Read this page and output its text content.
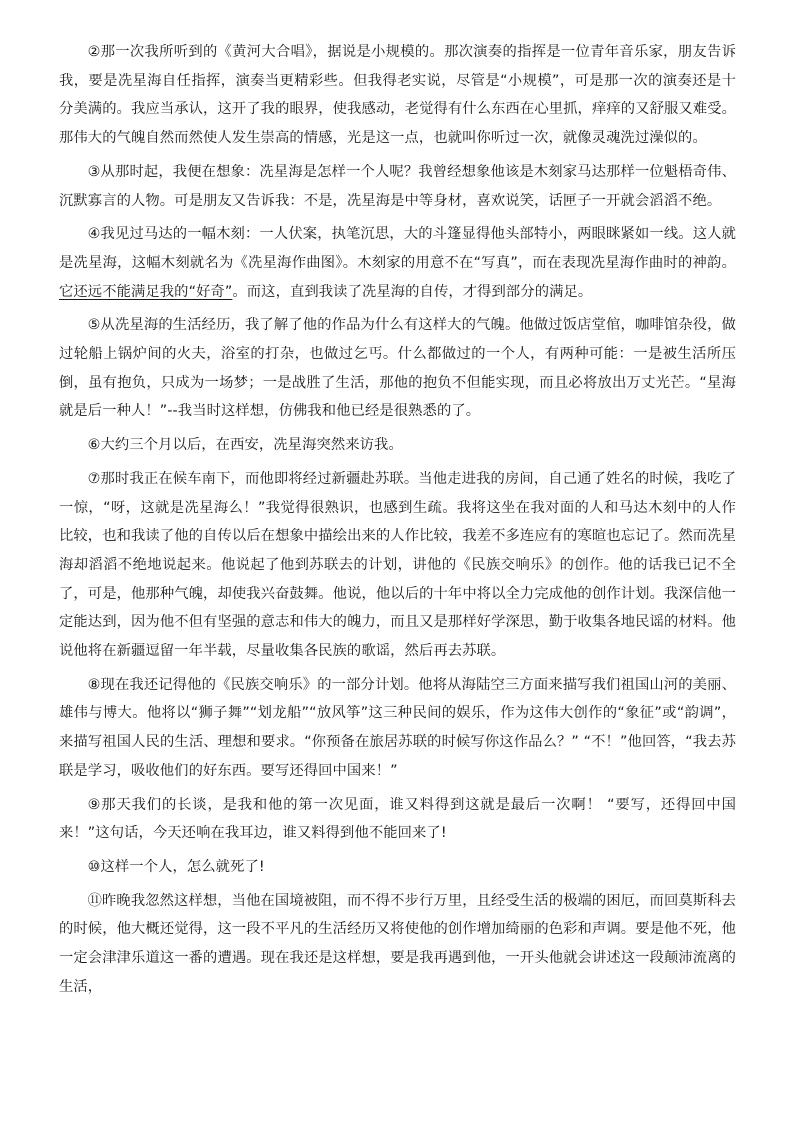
②那一次我所听到的《黄河大合唱》，据说是小规模的。那次演奏的指挥是一位青年音乐家，朋友告诉我，要是冼星海自任指挥，演奏当更精彩些。但我得老实说，尽管是“小规模”，可是那一次的演奏还是十分美满的。我应当承认，这开了我的眼界，使我感动，老觉得有什么东西在心里抓，痒痒的又舒服又难受。那伟大的气魄自然而然使人发生崇高的情感，光是这一点，也就叫你听过一次，就像灵魂洗过澡似的。

③从那时起，我便在想象：冼星海是怎样一个人呢？我曾经想象他该是木刻家马达那样一位魁梧奇伟、沉默寡言的人物。可是朋友又告诉我：不是，冼星海是中等身材，喜欢说笑，话匣子一开就会滔滔不绝。

④我见过马达的一幅木刻：一人伏案，执笔沉思，大的斗篷显得他头部特小，两眼眯紧如一线。这人就是冼星海，这幅木刻就名为《冼星海作曲图》。木刻家的用意不在“写真”，而在表现冼星海作曲时的神韵。它还远不能满足我的“好奇”。而这，直到我读了冼星海的自传，才得到部分的满足。

⑤从冼星海的生活经历，我了解了他的作品为什么有这样大的气魄。他做过饭店堂倌，咖啡馆杂役，做过轮船上锅炉间的火夫，浴室的打杂，也做过乞丐。什么都做过的一个人，有两种可能：一是被生活所压倒，虽有抱负，只成为一场梦；一是战胜了生活，那他的抱负不但能实现，而且必将放出万丈光芒。“星海就是后一种人！”--我当时这样想，仿佛我和他已经是很熟悉的了。

⑥大约三个月以后，在西安，冼星海突然来访我。

⑦那时我正在候车南下，而他即将经过新疆赴苏联。当他走进我的房间，自己通了姓名的时候，我吃了一惊，“呀，这就是冼星海么！”我觉得很熟识，也感到生疏。我将这坐在我对面的人和马达木刻中的人作比较，也和我读了他的自传以后在想象中描绘出来的人作比较，我差不多连应有的寒暄也忘记了。然而冼星海却滔滔不绝地说起来。他说起了他到苏联去的计划，讲他的《民族交响乐》的创作。他的话我已记不全了，可是，他那种气魄，却使我兴奋鼓舞。他说，他以后的十年中将以全力完成他的创作计划。我深信他一定能达到，因为他不但有坚强的意志和伟大的魄力，而且又是那样好学深思，勤于收集各地民谣的材料。他说他将在新疆逗留一年半载，尽量收集各民族的歌谣，然后再去苏联。

⑧现在我还记得他的《民族交响乐》的一部分计划。他将从海陆空三方面来描写我们祖国山河的美丽、雄伟与博大。他将以“狮子舞”“划龙船”“放风筝”这三种民间的娱乐，作为这伟大创作的“象征”或“韵调”，来描写祖国人民的生活、理想和要求。“你预备在旅居苏联的时候写你这作品么？” “不！”他回答，“我去苏联是学习，吸收他们的好东西。要写还得回中国来！”

⑨那天我们的长谈，是我和他的第一次见面，谁又料得到这就是最后一次啊！ “要写，还得回中国来！”这句话，今天还响在我耳边，谁又料得到他不能回来了!

⑩这样一个人，怎么就死了!

⑪昨晚我忽然这样想，当他在国境被阻，而不得不步行万里，且经受生活的极端的困厄，而回莫斯科去的时候，他大概还觉得，这一段不平凡的生活经历又将使他的创作增加绮丽的色彩和声调。要是他不死，他一定会津津乐道这一番的遭遇。现在我还是这样想，要是我再遇到他，一开头他就会讲述这一段颠沛流离的生活，
